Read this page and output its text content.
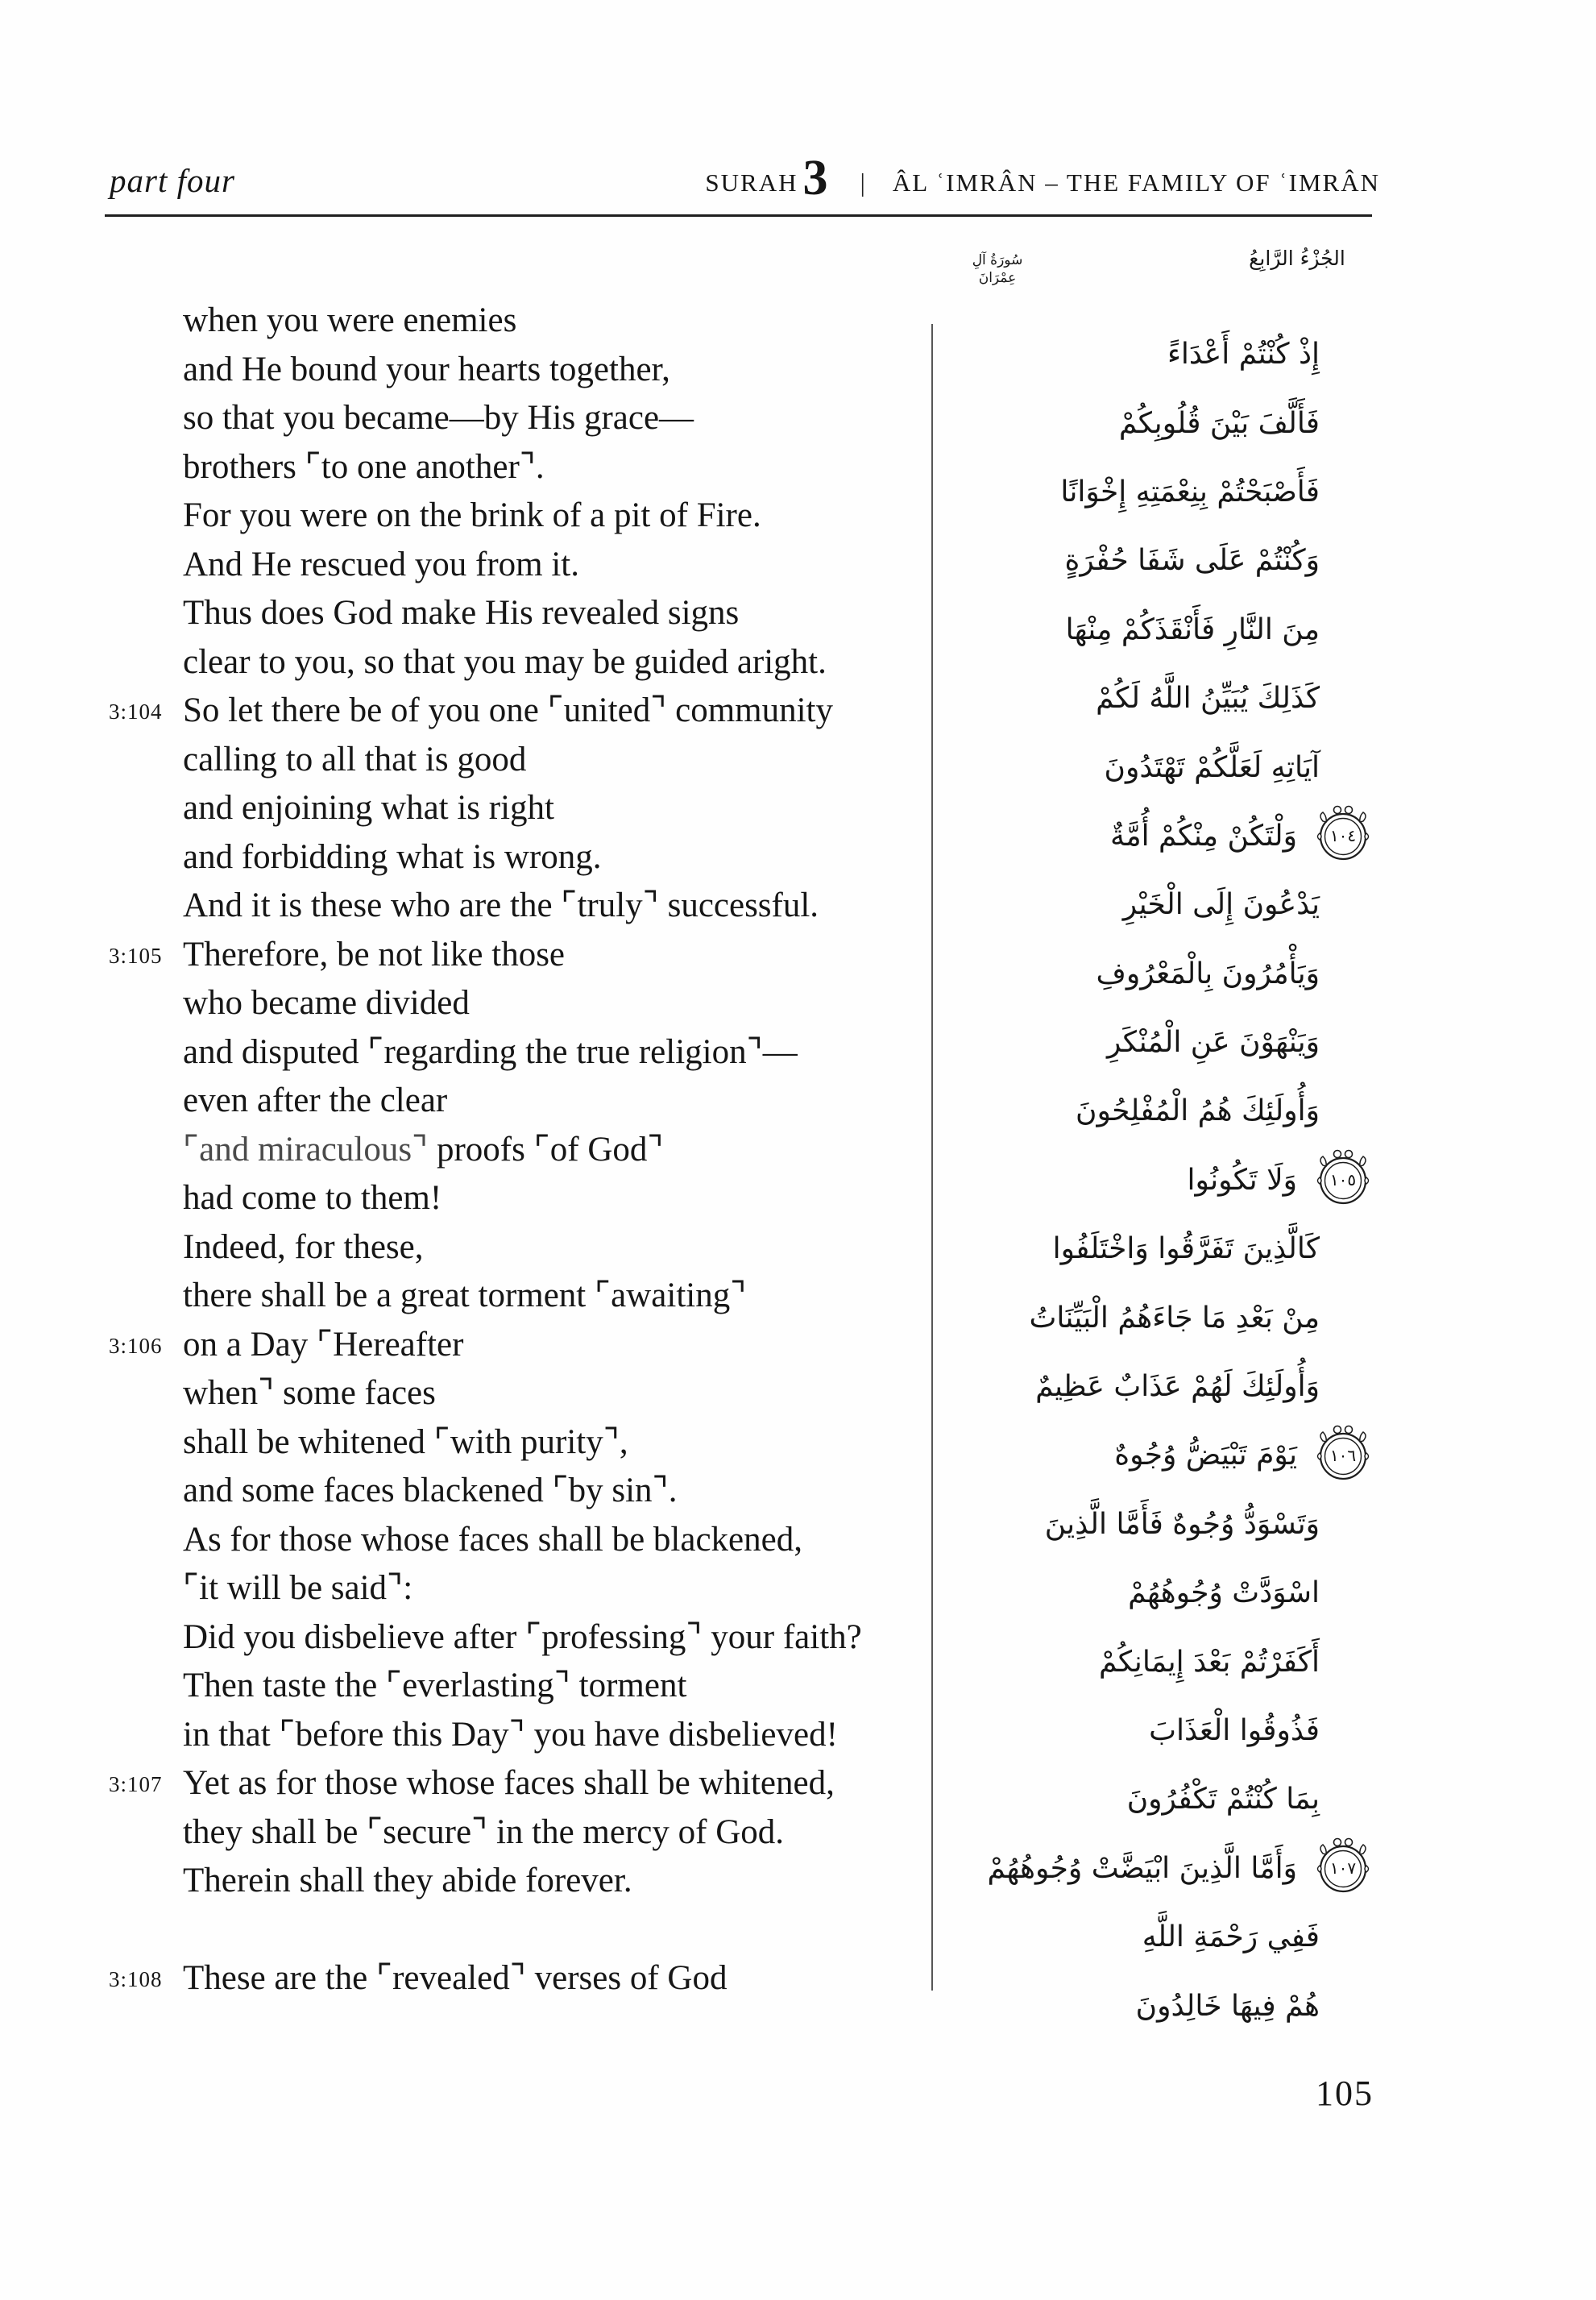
part four	SURAH 3 | ÂL ʿIMRÂN – THE FAMILY OF ʿIMRÂN
الجُزْءُ الرَّابِعُ
سُورَةُ آلِ عِمْرَانَ
when you were enemies
and He bound your hearts together,
so that you became—by His grace—
brothers ⌜to one another⌝.
For you were on the brink of a pit of Fire.
And He rescued you from it.
Thus does God make His revealed signs
clear to you, so that you may be guided aright.
3:104 So let there be of you one ⌜united⌝ community
calling to all that is good
and enjoining what is right
and forbidding what is wrong.
And it is these who are the ⌜truly⌝ successful.
3:105 Therefore, be not like those
who became divided
and disputed ⌜regarding the true religion⌝—
even after the clear
⌜and miraculous⌝ proofs ⌜of God⌝
had come to them!
Indeed, for these,
there shall be a great torment ⌜awaiting⌝
3:106 on a Day ⌜Hereafter
when⌝ some faces
shall be whitened ⌜with purity⌝,
and some faces blackened ⌜by sin⌝.
As for those whose faces shall be blackened,
⌜it will be said⌝:
Did you disbelieve after ⌜professing⌝ your faith?
Then taste the ⌜everlasting⌝ torment
in that ⌜before this Day⌝ you have disbelieved!
3:107 Yet as for those whose faces shall be whitened,
they shall be ⌜secure⌝ in the mercy of God.
Therein shall they abide forever.
3:108 These are the ⌜revealed⌝ verses of God
إِذْ كُنْتُمْ أَعْدَاءً
فَأَلَّفَ بَيْنَ قُلُوبِكُمْ
فَأَصْبَحْتُمْ بِنِعْمَتِهِ إِخْوَانًا
وَكُنْتُمْ عَلَى شَفَا حُفْرَةٍ
مِنَ النَّارِ فَأَنْقَذَكُمْ مِنْهَا
كَذَلِكَ يُبَيِّنُ اللَّهُ لَكُمْ
آيَاتِهِ لَعَلَّكُمْ تَهْتَدُونَ
١٠٤
وَلْتَكُنْ مِنْكُمْ أُمَّةٌ
يَدْعُونَ إِلَى الْخَيْرِ
وَيَأْمُرُونَ بِالْمَعْرُوفِ
وَيَنْهَوْنَ عَنِ الْمُنْكَرِ
وَأُولَئِكَ هُمُ الْمُفْلِحُونَ
١٠٥
وَلَا تَكُونُوا
كَالَّذِينَ تَفَرَّقُوا وَاخْتَلَفُوا
مِنْ بَعْدِ مَا جَاءَهُمُ الْبَيِّنَاتُ
وَأُولَئِكَ لَهُمْ عَذَابٌ عَظِيمٌ
١٠٦
يَوْمَ تَبْيَضُّ وُجُوهٌ
وَتَسْوَدُّ وُجُوهٌ فَأَمَّا الَّذِينَ
اسْوَدَّتْ وُجُوهُهُمْ
أَكَفَرْتُمْ بَعْدَ إِيمَانِكُمْ
فَذُوقُوا الْعَذَابَ
بِمَا كُنْتُمْ تَكْفُرُونَ
١٠٧
وَأَمَّا الَّذِينَ ابْيَضَّتْ وُجُوهُهُمْ
فَفِي رَحْمَةِ اللَّهِ
هُمْ فِيهَا خَالِدُونَ
105
